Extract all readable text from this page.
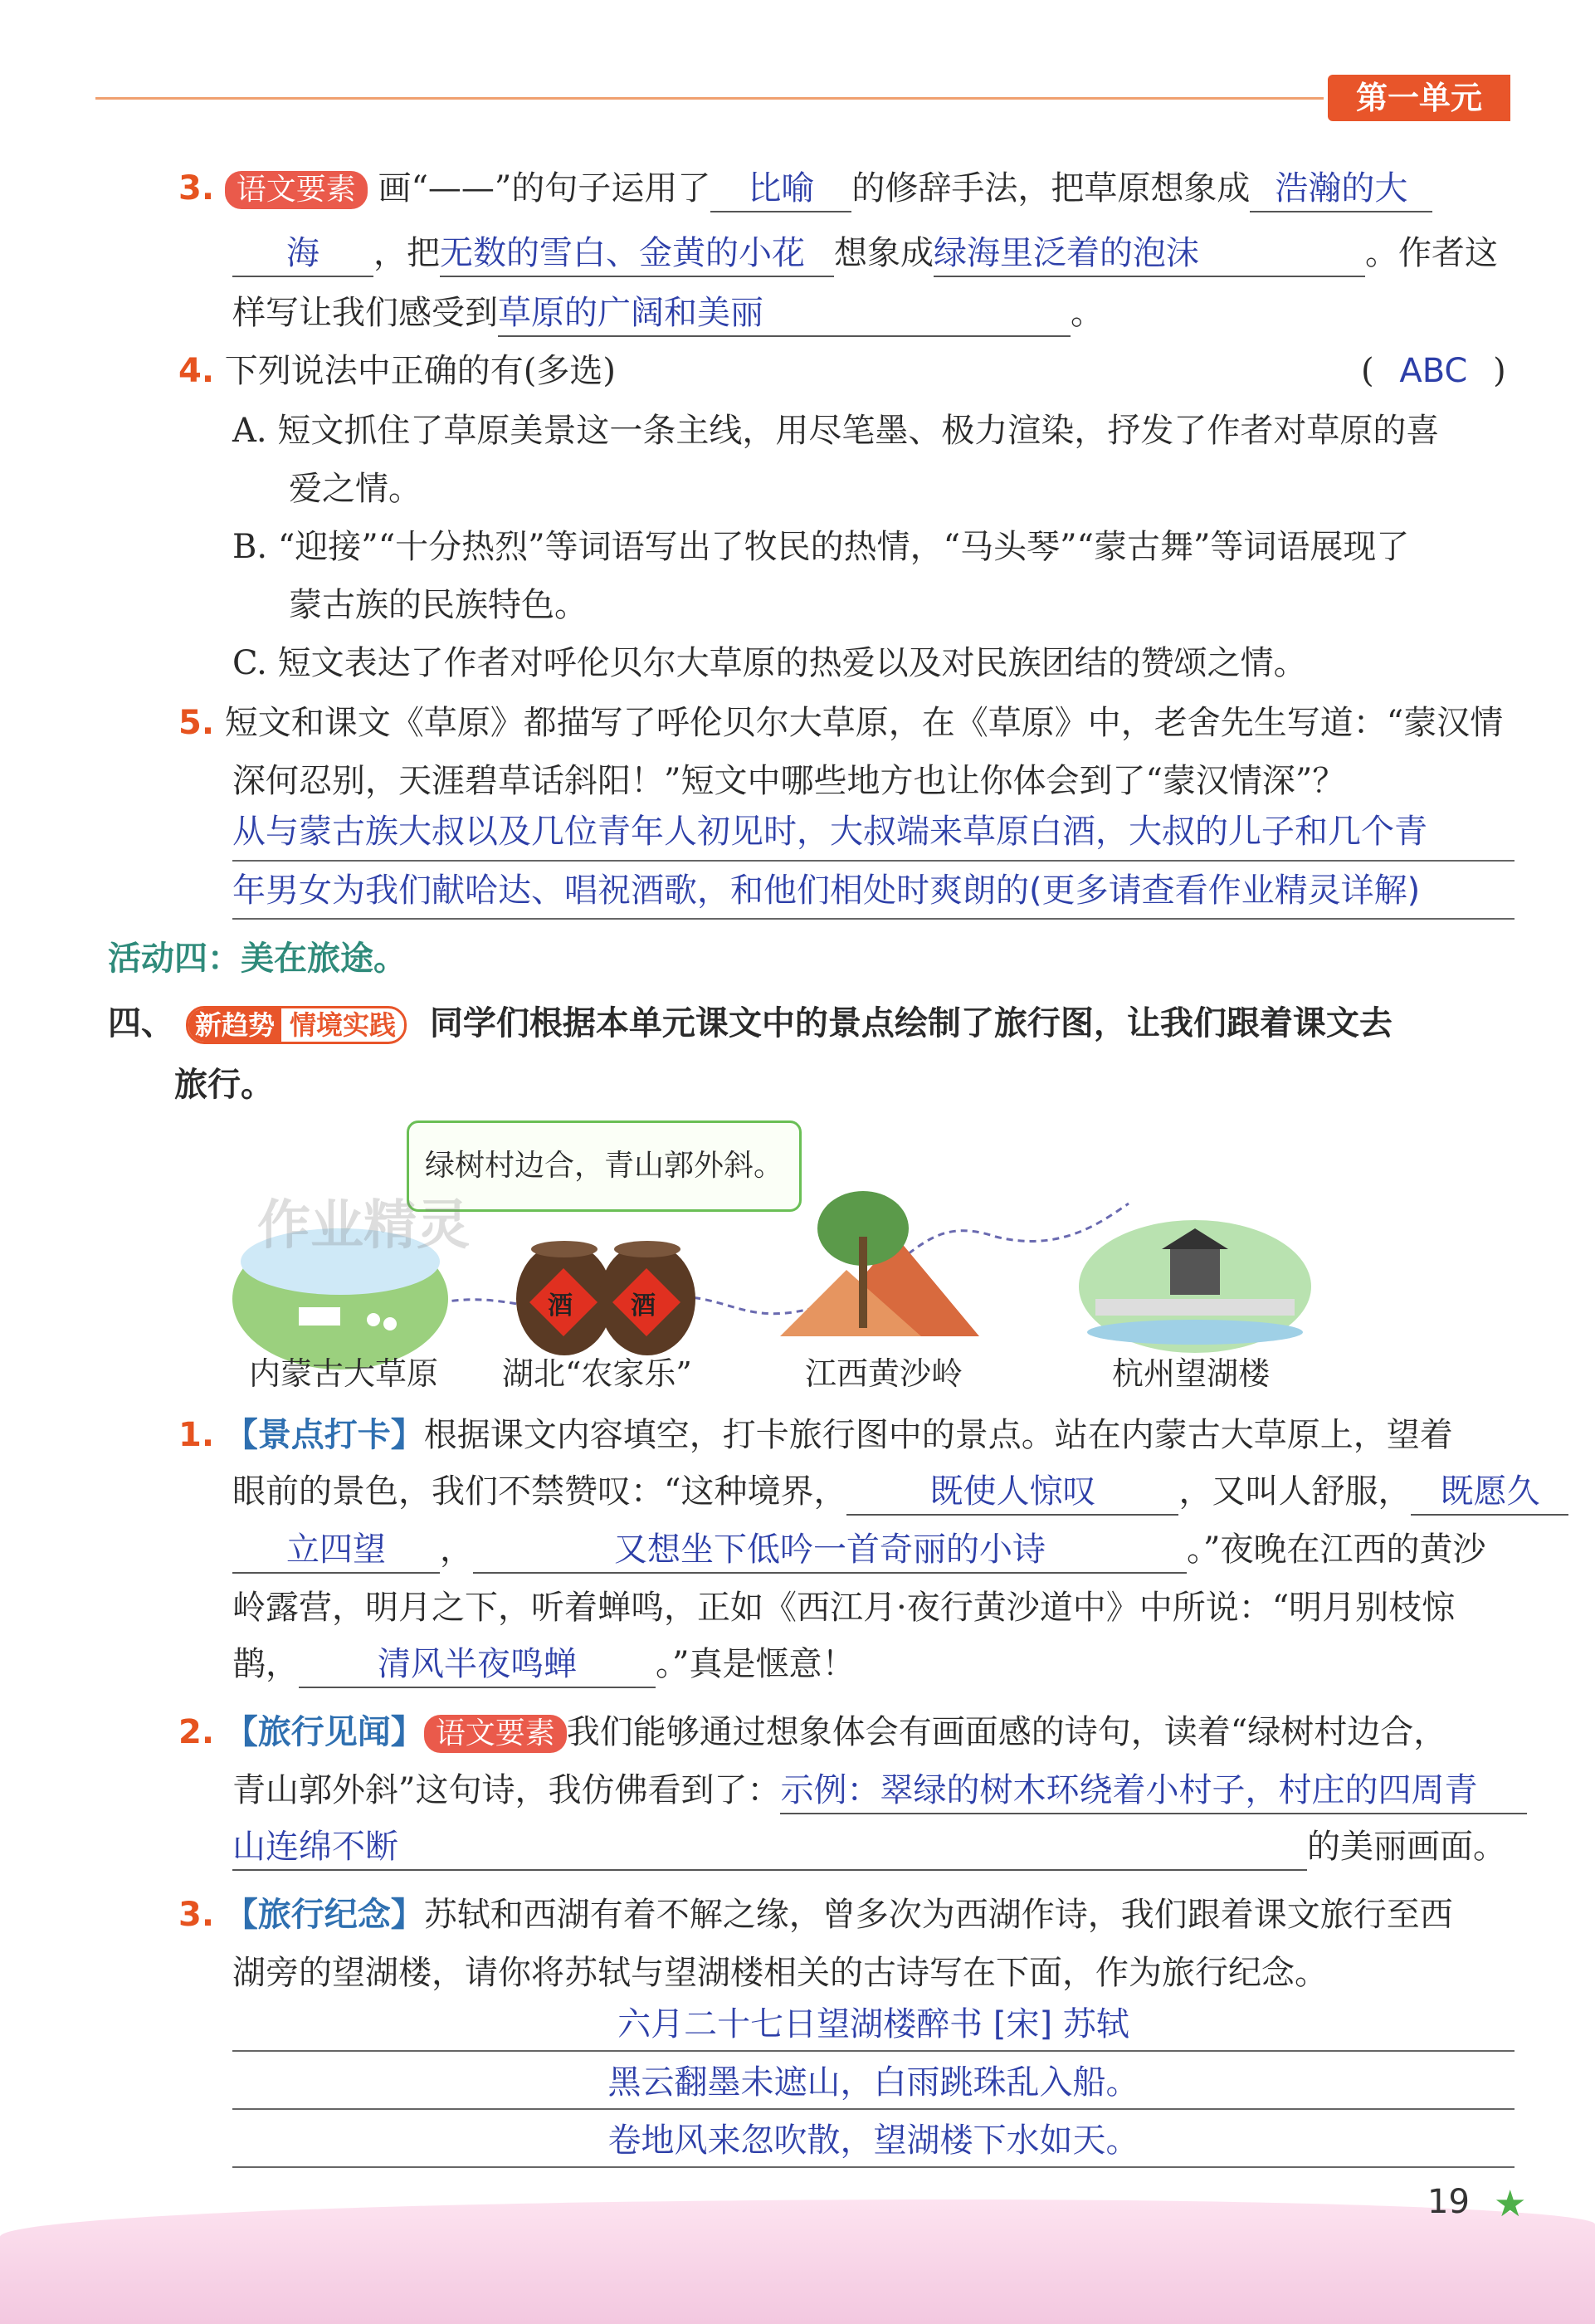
第一单元
3. 语文要素 画“——”的句子运用了 比喻 的修辞手法，把草原想象成 浩瀚的大
海 ，把无数的雪白、金黄的小花 想象成绿海里泛着的泡沫	。作者这
样写让我们感受到草原的广阔和美丽	。
4. 下列说法中正确的有(多选)	( ABC )
A. 短文抓住了草原美景这一条主线，用尽笔墨、极力渲染，抒发了作者对草原的喜
爱之情。
B. “迎接”“十分热烈”等词语写出了牧民的热情，“马头琴”“蒙古舞”等词语展现了
蒙古族的民族特色。
C. 短文表达了作者对呼伦贝尔大草原的热爱以及对民族团结的赞颂之情。
5. 短文和课文《草原》都描写了呼伦贝尔大草原，在《草原》中，老舍先生写道：“蒙汉情
深何忍别，天涯碧草话斜阳！”短文中哪些地方也让你体会到了“蒙汉情深”？
从与蒙古族大叔以及几位青年人初见时，大叔端来草原白酒，大叔的儿子和几个青
年男女为我们献哈达、唱祝酒歌，和他们相处时爽朗的(更多请查看作业精灵详解)
活动四：美在旅途。
四、 新趋势 情境实践 同学们根据本单元课文中的景点绘制了旅行图，让我们跟着课文去
旅行。
绿树村边合，青山郭外斜。
作业精灵
酒 酒
内蒙古大草原 湖北“农家乐”	江西黄沙岭	杭州望湖楼
1. 【景点打卡】根据课文内容填空，打卡旅行图中的景点。站在内蒙古大草原上，望着
眼前的景色，我们不禁赞叹：“这种境界，	既使人惊叹	，又叫人舒服， 既愿久
立四望 ，	又想坐下低吟一首奇丽的小诗	。”夜晚在江西的黄沙
岭露营，明月之下，听着蝉鸣，正如《西江月·夜行黄沙道中》中所说：“明月别枝惊
鹊， 清风半夜鸣蝉 。”真是惬意！
2. 【旅行见闻】 语文要素 我们能够通过想象体会有画面感的诗句，读着“绿树村边合，
青山郭外斜”这句诗，我仿佛看到了：示例：翠绿的树木环绕着小村子，村庄的四周青
山连绵不断	的美丽画面。
3. 【旅行纪念】苏轼和西湖有着不解之缘，曾多次为西湖作诗，我们跟着课文旅行至西
湖旁的望湖楼，请你将苏轼与望湖楼相关的古诗写在下面，作为旅行纪念。
六月二十七日望湖楼醉书 [宋] 苏轼
黑云翻墨未遮山，白雨跳珠乱入船。
卷地风来忽吹散，望湖楼下水如天。
19 ★
